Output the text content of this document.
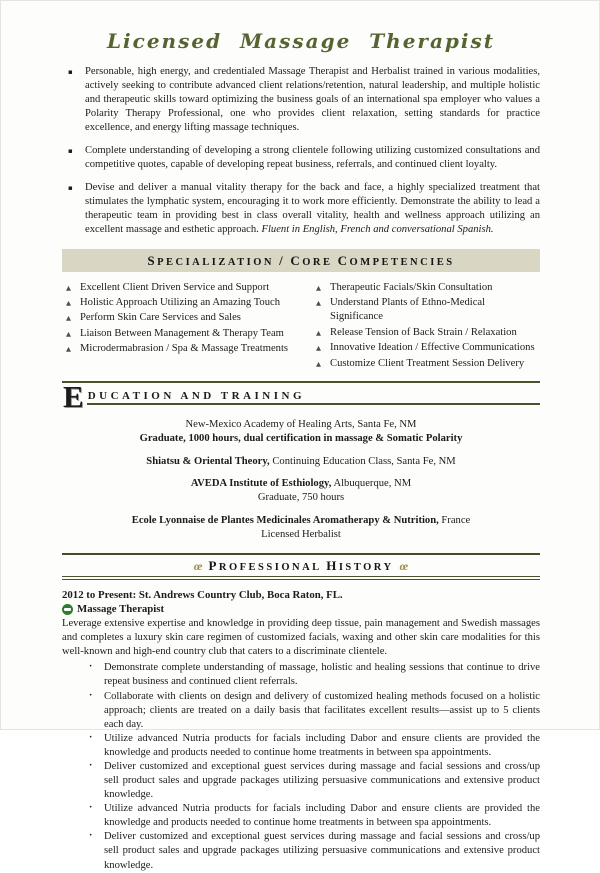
Licensed Massage Therapist
▪	Personable, high energy, and credentialed Massage Therapist and Herbalist trained in various modalities, actively seeking to contribute advanced client relations/retention, natural leadership, and multiple holistic and therapeutic skills toward optimizing the business goals of an international spa employer who values a Polarity Therapy Professional, one who provides client relaxation, setting standards for practice excellence, and energy lifting massage techniques.
▪	Complete understanding of developing a strong clientele following utilizing customized consultations and competitive quotes, capable of developing repeat business, referrals, and continued client loyalty.
▪	Devise and deliver a manual vitality therapy for the back and face, a highly specialized treatment that stimulates the lymphatic system, encouraging it to work more efficiently. Demonstrate the ability to lead a therapeutic team in providing best in class overall vitality, health and wellness approach utilizing an excellent massage and esthetic approach. Fluent in English, French and conversational Spanish.
SPECIALIZATION / CORE COMPETENCIES
▲ Excellent Client Driven Service and Support
▲ Holistic Approach Utilizing an Amazing Touch
▲ Perform Skin Care Services and Sales
▲ Liaison Between Management & Therapy Team
▲ Microdermabrasion / Spa & Massage Treatments
▲ Therapeutic Facials/Skin Consultation
▲ Understand Plants of Ethno-Medical Significance
▲ Release Tension of Back Strain / Relaxation
▲ Innovative Ideation / Effective Communications
▲ Customize Client Treatment Session Delivery
E DUCATION AND TRAINING
New-Mexico Academy of Healing Arts, Santa Fe, NM
Graduate, 1000 hours, dual certification in massage & Somatic Polarity
Shiatsu & Oriental Theory, Continuing Education Class, Santa Fe, NM
AVEDA Institute of Esthiology, Albuquerque, NM
Graduate, 750 hours
Ecole Lyonnaise de Plantes Medicinales Aromatherapy & Nutrition, France
Licensed Herbalist
œ PROFESSIONAL HISTORY œ
2012 to Present: St. Andrews Country Club, Boca Raton, FL.
Massage Therapist
Leverage extensive expertise and knowledge in providing deep tissue, pain management and Swedish massages and completes a luxury skin care regimen of customized facials, waxing and other skin care modalities for this well-known and high-end country club that caters to a discriminate clientele.
·	Demonstrate complete understanding of massage, holistic and healing sessions that continue to drive repeat business and continued client referrals.
·	Collaborate with clients on design and delivery of customized healing methods focused on a holistic approach; clients are treated on a daily basis that facilitates excellent results—assist up to 5 clients each day.
·	Utilize advanced Nutria products for facials including Dabor and ensure clients are provided the knowledge and products needed to continue home treatments in between spa appointments.
·	Deliver customized and exceptional guest services during massage and facial sessions and cross/up sell product sales and upgrade packages utilizing persuasive communications and extensive product knowledge.
·	Utilize advanced Nutria products for facials including Dabor and ensure clients are provided the knowledge and products needed to continue home treatments in between spa appointments.
·	Deliver customized and exceptional guest services during massage and facial sessions and cross/up sell product sales and upgrade packages utilizing persuasive communications and extensive product knowledge.
